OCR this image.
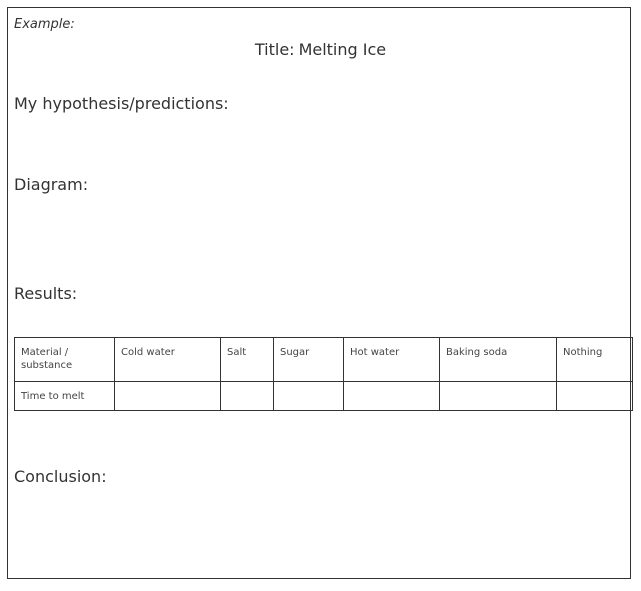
Example:
Title: Melting Ice
My hypothesis/predictions:
Diagram:
Results:
Material / substance	Cold water	Salt	Sugar	Hot water	Baking soda	Nothing
Time to melt						
Conclusion:
